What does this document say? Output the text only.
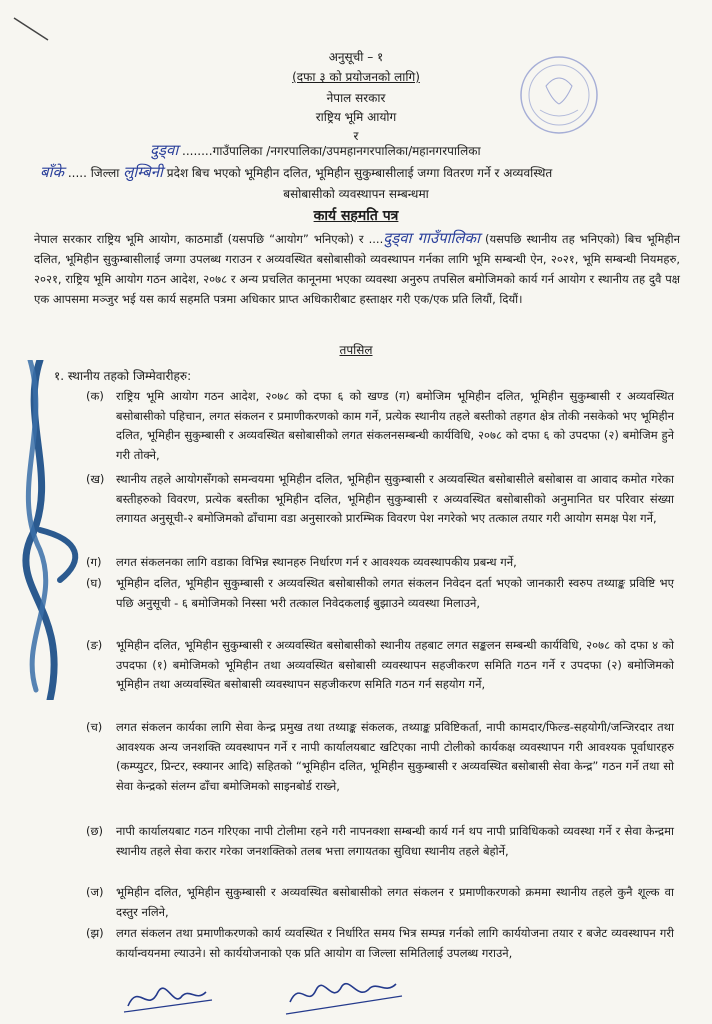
अनुसूची – १
(दफा ३ को प्रयोजनको लागि)
नेपाल सरकार
राष्ट्रिय भूमि आयोग
र
दुड्वा ........गाउँपालिका /नगरपालिका/उपमहानगरपालिका/महानगरपालिका
बाँके ..... जिल्ला लुम्बिनी प्रदेश बिच भएको भूमिहीन दलित, भूमिहीन सुकुम्बासीलाई जग्गा वितरण गर्ने र अव्यवस्थित
बसोबासीको व्यवस्थापन सम्बन्धमा
कार्य सहमति पत्र
नेपाल सरकार राष्ट्रिय भूमि आयोग, काठमाडौं (यसपछि “आयोग” भनिएको) र ....दुड्वा गाउँपालिका (यसपछि स्थानीय तह भनिएको) बिच भूमिहीन दलित, भूमिहीन सुकुम्बासीलाई जग्गा उपलब्ध गराउन र अव्यवस्थित बसोबासीको व्यवस्थापन गर्नका लागि भूमि सम्बन्धी ऐन, २०२१, भूमि सम्बन्धी नियमहरु, २०२१, राष्ट्रिय भूमि आयोग गठन आदेश, २०७८ र अन्य प्रचलित कानूनमा भएका व्यवस्था अनुरुप तपसिल बमोजिमको कार्य गर्न आयोग र स्थानीय तह दुवै पक्ष एक आपसमा मञ्जुर भई यस कार्य सहमति पत्रमा अधिकार प्राप्त अधिकारीबाट हस्ताक्षर गरी एक/एक प्रति लियौं, दियौं।
तपसिल
१. स्थानीय तहको जिम्मेवारीहरु:
(क) राष्ट्रिय भूमि आयोग गठन आदेश, २०७८ को दफा ६ को खण्ड (ग) बमोजिम भूमिहीन दलित, भूमिहीन सुकुम्बासी र अव्यवस्थित बसोबासीको पहिचान, लगत संकलन र प्रमाणीकरणको काम गर्ने, प्रत्येक स्थानीय तहले बस्तीको तहगत क्षेत्र तोकी नसकेको भए भूमिहीन दलित, भूमिहीन सुकुम्बासी र अव्यवस्थित बसोबासीको लगत संकलनसम्बन्धी कार्यविधि, २०७८ को दफा ६ को उपदफा (२) बमोजिम हुने गरी तोक्ने,
(ख) स्थानीय तहले आयोगसँगको समन्वयमा भूमिहीन दलित, भूमिहीन सुकुम्बासी र अव्यवस्थित बसोबासीले बसोबास वा आवाद कमोत गरेका बस्तीहरुको विवरण, प्रत्येक बस्तीका भूमिहीन दलित, भूमिहीन सुकुम्बासी र अव्यवस्थित बसोबासीको अनुमानित घर परिवार संख्या लगायत अनुसूची-२ बमोजिमको ढाँचामा वडा अनुसारको प्रारम्भिक विवरण पेश नगरेको भए तत्काल तयार गरी आयोग समक्ष पेश गर्ने,
(ग) लगत संकलनका लागि वडाका विभिन्न स्थानहरु निर्धारण गर्न र आवश्यक व्यवस्थापकीय प्रबन्ध गर्ने,
(घ) भूमिहीन दलित, भूमिहीन सुकुम्बासी र अव्यवस्थित बसोबासीको लगत संकलन निवेदन दर्ता भएको जानकारी स्वरुप तथ्याङ्क प्रविष्टि भए पछि अनुसूची - ६ बमोजिमको निस्सा भरी तत्काल निवेदकलाई बुझाउने व्यवस्था मिलाउने,
(ङ) भूमिहीन दलित, भूमिहीन सुकुम्बासी र अव्यवस्थित बसोबासीको स्थानीय तहबाट लगत सङ्कलन सम्बन्धी कार्यविधि, २०७८ को दफा ४ को उपदफा (१) बमोजिमको भूमिहीन तथा अव्यवस्थित बसोबासी व्यवस्थापन सहजीकरण समिति गठन गर्ने र उपदफा (२) बमोजिमको भूमिहीन तथा अव्यवस्थित बसोबासी व्यवस्थापन सहजीकरण समिति गठन गर्न सहयोग गर्ने,
(च) लगत संकलन कार्यका लागि सेवा केन्द्र प्रमुख तथा तथ्याङ्क संकलक, तथ्याङ्क प्रविष्टिकर्ता, नापी कामदार/फिल्ड-सहयोगी/जन्जिरदार तथा आवश्यक अन्य जनशक्ति व्यवस्थापन गर्ने र नापी कार्यालयबाट खटिएका नापी टोलीको कार्यकक्ष व्यवस्थापन गरी आवश्यक पूर्वाधारहरु (कम्प्युटर, प्रिन्टर, स्क्यानर आदि) सहितको “भूमिहीन दलित, भूमिहीन सुकुम्बासी र अव्यवस्थित बसोबासी सेवा केन्द्र” गठन गर्ने तथा सो सेवा केन्द्रको संलग्न ढाँचा बमोजिमको साइनबोर्ड राख्ने,
(छ) नापी कार्यालयबाट गठन गरिएका नापी टोलीमा रहने गरी नापनक्शा सम्बन्धी कार्य गर्न थप नापी प्राविधिकको व्यवस्था गर्ने र सेवा केन्द्रमा स्थानीय तहले सेवा करार गरेका जनशक्तिको तलब भत्ता लगायतका सुविधा स्थानीय तहले बेहोर्ने,
(ज) भूमिहीन दलित, भूमिहीन सुकुम्बासी र अव्यवस्थित बसोबासीको लगत संकलन र प्रमाणीकरणको क्रममा स्थानीय तहले कुनै शूल्क वा दस्तुर नलिने,
(झ) लगत संकलन तथा प्रमाणीकरणको कार्य व्यवस्थित र निर्धारित समय भित्र सम्पन्न गर्नको लागि कार्ययोजना तयार र बजेट व्यवस्थापन गरी कार्यान्वयनमा ल्याउने। सो कार्ययोजनाको एक प्रति आयोग वा जिल्ला समितिलाई उपलब्ध गराउने,
